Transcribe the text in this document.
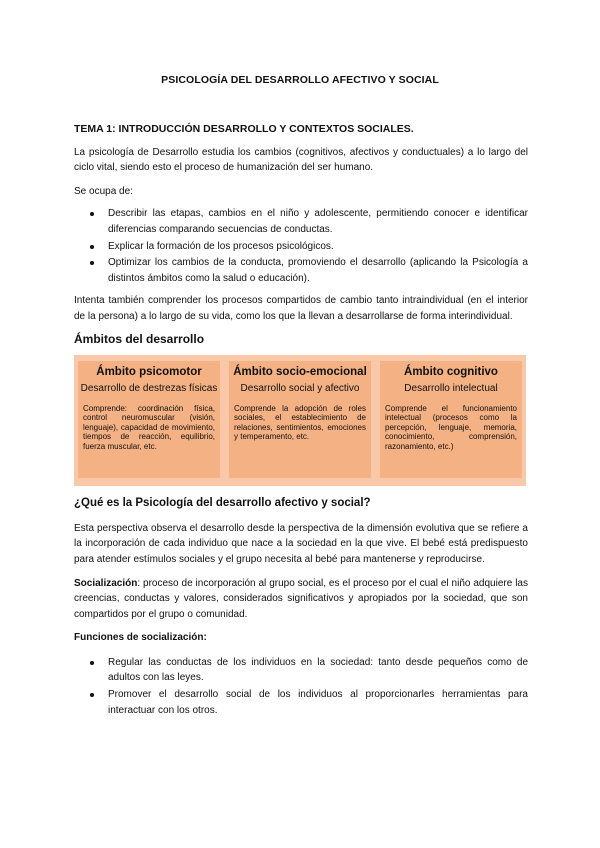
PSICOLOGÍA DEL DESARROLLO AFECTIVO Y SOCIAL

TEMA 1: INTRODUCCIÓN DESARROLLO Y CONTEXTOS SOCIALES.

La psicología de Desarrollo estudia los cambios (cognitivos, afectivos y conductuales) a lo largo del ciclo vital, siendo esto el proceso de humanización del ser humano.

Se ocupa de:

Describir las etapas, cambios en el niño y adolescente, permitiendo conocer e identificar diferencias comparando secuencias de conductas.
Explicar la formación de los procesos psicológicos.
Optimizar los cambios de la conducta, promoviendo el desarrollo (aplicando la Psicología a distintos ámbitos como la salud o educación).

Intenta también comprender los procesos compartidos de cambio tanto intraindividual (en el interior de la persona) a lo largo de su vida, como los que la llevan a desarrollarse de forma interindividual.

Ámbitos del desarrollo

Ámbito psicomotor
Desarrollo de destrezas físicas
Comprende: coordinación física, control neuromuscular (visión, lenguaje), capacidad de movimiento, tiempos de reacción, equilibrio, fuerza muscular, etc.
Ámbito socio-emocional
Desarrollo social y afectivo
Comprende la adopción de roles sociales, el establecimiento de relaciones, sentimientos, emociones y temperamento, etc.
Ámbito cognitivo
Desarrollo intelectual
Comprende el funcionamiento intelectual (procesos como la percepción, lenguaje, memoria, conocimiento, comprensión, razonamiento, etc.)

¿Qué es la Psicología del desarrollo afectivo y social?

Esta perspectiva observa el desarrollo desde la perspectiva de la dimensión evolutiva que se refiere a la incorporación de cada individuo que nace a la sociedad en la que vive. El bebé está predispuesto para atender estímulos sociales y el grupo necesita al bebé para mantenerse y reproducirse.

Socialización: proceso de incorporación al grupo social, es el proceso por el cual el niño adquiere las creencias, conductas y valores, considerados significativos y apropiados por la sociedad, que son compartidos por el grupo o comunidad.

Funciones de socialización:

Regular las conductas de los individuos en la sociedad: tanto desde pequeños como de adultos con las leyes.
Promover el desarrollo social de los individuos al proporcionarles herramientas para interactuar con los otros.
